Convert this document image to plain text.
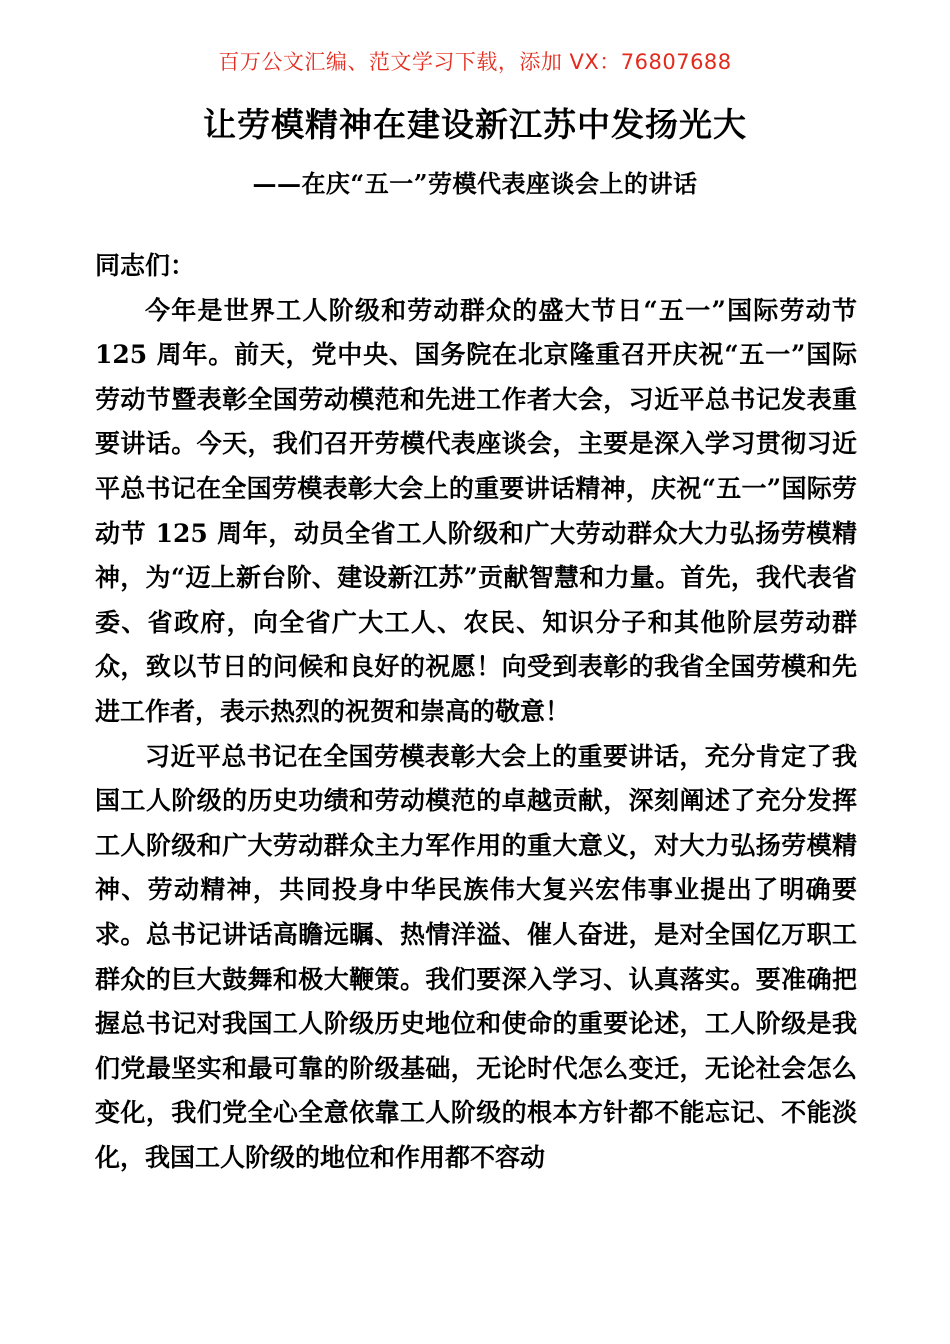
百万公文汇编、范文学习下载，添加 VX：76807688
让劳模精神在建设新江苏中发扬光大
——在庆“五一”劳模代表座谈会上的讲话

同志们：

今年是世界工人阶级和劳动群众的盛大节日“五一”国际劳动节 125 周年。前天，党中央、国务院在北京隆重召开庆祝“五一”国际劳动节暨表彰全国劳动模范和先进工作者大会，习近平总书记发表重要讲话。今天，我们召开劳模代表座谈会，主要是深入学习贯彻习近平总书记在全国劳模表彰大会上的重要讲话精神，庆祝“五一”国际劳动节 125 周年，动员全省工人阶级和广大劳动群众大力弘扬劳模精神，为“迈上新台阶、建设新江苏”贡献智慧和力量。首先，我代表省委、省政府，向全省广大工人、农民、知识分子和其他阶层劳动群众，致以节日的问候和良好的祝愿！向受到表彰的我省全国劳模和先进工作者，表示热烈的祝贺和崇高的敬意！

习近平总书记在全国劳模表彰大会上的重要讲话，充分肯定了我国工人阶级的历史功绩和劳动模范的卓越贡献，深刻阐述了充分发挥工人阶级和广大劳动群众主力军作用的重大意义，对大力弘扬劳模精神、劳动精神，共同投身中华民族伟大复兴宏伟事业提出了明确要求。总书记讲话高瞻远瞩、热情洋溢、催人奋进，是对全国亿万职工群众的巨大鼓舞和极大鞭策。我们要深入学习、认真落实。要准确把握总书记对我国工人阶级历史地位和使命的重要论述，工人阶级是我们党最坚实和最可靠的阶级基础，无论时代怎么变迁，无论社会怎么变化，我们党全心全意依靠工人阶级的根本方针都不能忘记、不能淡化，我国工人阶级的地位和作用都不容动
